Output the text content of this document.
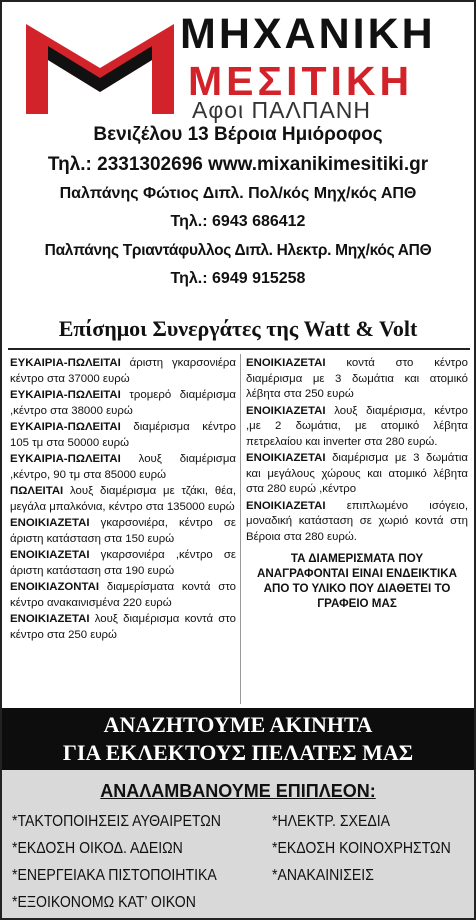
ΜΗΧΑΝΙΚΗ
ΜΕΣΙΤΙΚΗ
Αφοι ΠΑΛΠΑΝΗ
Βενιζέλου 13 Βέροια Ημιόροφος
Τηλ.: 2331302696 www.mixanikimesitiki.gr
Παλπάνης Φώτιος Διπλ. Πολ/κός Μηχ/κός ΑΠΘ
Τηλ.: 6943 686412
Παλπάνης Τριαντάφυλλος Διπλ. Ηλεκτρ. Μηχ/κός ΑΠΘ
Τηλ.: 6949 915258
Επίσημοι Συνεργάτες της Watt & Volt
ΕΥΚΑΙΡΙΑ-ΠΩΛΕΙΤΑΙ άριστη γκαρσονιέρα κέντρο στα 37000 ευρώ
ΕΥΚΑΙΡΙΑ-ΠΩΛΕΙΤΑΙ τρομερό διαμέρισμα ,κέντρο στα 38000 ευρώ
ΕΥΚΑΙΡΙΑ-ΠΩΛΕΙΤΑΙ διαμέρισμα κέντρο 105 τμ στα 50000 ευρώ
ΕΥΚΑΙΡΙΑ-ΠΩΛΕΙΤΑΙ λουξ διαμέρισμα ,κέντρο, 90 τμ στα 85000 ευρώ
ΠΩΛΕΙΤΑΙ λουξ διαμέρισμα με τζάκι, θέα, μεγάλα μπαλκόνια, κέντρο στα 135000 ευρώ
ΕΝΟΙΚΙΑΖΕΤΑΙ γκαρσονιέρα, κέντρο σε άριστη κατάσταση στα 150 ευρώ
ΕΝΟΙΚΙΑΖΕΤΑΙ γκαρσονιέρα ,κέντρο σε άριστη κατάσταση στα 190 ευρώ
ΕΝΟΙΚΙΑΖΟΝΤΑΙ διαμερίσματα κοντά στο κέντρο ανακαινισμένα 220 ευρώ
ΕΝΟΙΚΙΑΖΕΤΑΙ λουξ διαμέρισμα κοντά στο κέντρο στα 250 ευρώ
ΕΝΟΙΚΙΑΖΕΤΑΙ κοντά στο κέντρο διαμέρισμα με 3 δωμάτια και ατομικό λέβητα στα 250 ευρώ
ΕΝΟΙΚΙΑΖΕΤΑΙ λουξ διαμέρισμα, κέντρο ,με 2 δωμάτια, με ατομικό λέβητα πετρελαίου και inverter στα 280 ευρώ.
ΕΝΟΙΚΙΑΖΕΤΑΙ διαμέρισμα με 3 δωμάτια και μεγάλους χώρους και ατομικό λέβητα στα 280 ευρώ ,κέντρο
ΕΝΟΙΚΙΑΖΕΤΑΙ επιπλωμένο ισόγειο, μοναδική κατάσταση σε χωριό κοντά στη Βέροια στα 280 ευρώ.
ΤΑ ΔΙΑΜΕΡΙΣΜΑΤΑ ΠΟΥ ΑΝΑΓΡΑΦΟΝΤΑΙ ΕΙΝΑΙ ΕΝΔΕΙΚΤΙΚΑ ΑΠΟ ΤΟ ΥΛΙΚΟ ΠΟΥ ΔΙΑΘΕΤΕΙ ΤΟ ΓΡΑΦΕΙΟ ΜΑΣ
ΑΝΑΖΗΤΟΥΜΕ ΑΚΙΝΗΤΑ
ΓΙΑ ΕΚΛΕΚΤΟΥΣ ΠΕΛΑΤΕΣ ΜΑΣ
ΑΝΑΛΑΜΒΑΝΟΥΜΕ ΕΠΙΠΛΕΟΝ:
*ΤΑΚΤΟΠΟΙΗΣΕΙΣ ΑΥΘΑΙΡΕΤΩΝ
*ΕΚΔΟΣΗ ΟΙΚΟΔ. ΑΔΕΙΩΝ
*ΕΝΕΡΓΕΙΑΚΑ ΠΙΣΤΟΠΟΙΗΤΙΚΑ
*ΕΞΟΙΚΟΝΟΜΩ ΚΑΤ’ ΟΙΚΟΝ
*ΗΛΕΚΤΡ. ΣΧΕΔΙΑ
*ΕΚΔΟΣΗ ΚΟΙΝΟΧΡΗΣΤΩΝ
*ΑΝΑΚΑΙΝΙΣΕΙΣ
